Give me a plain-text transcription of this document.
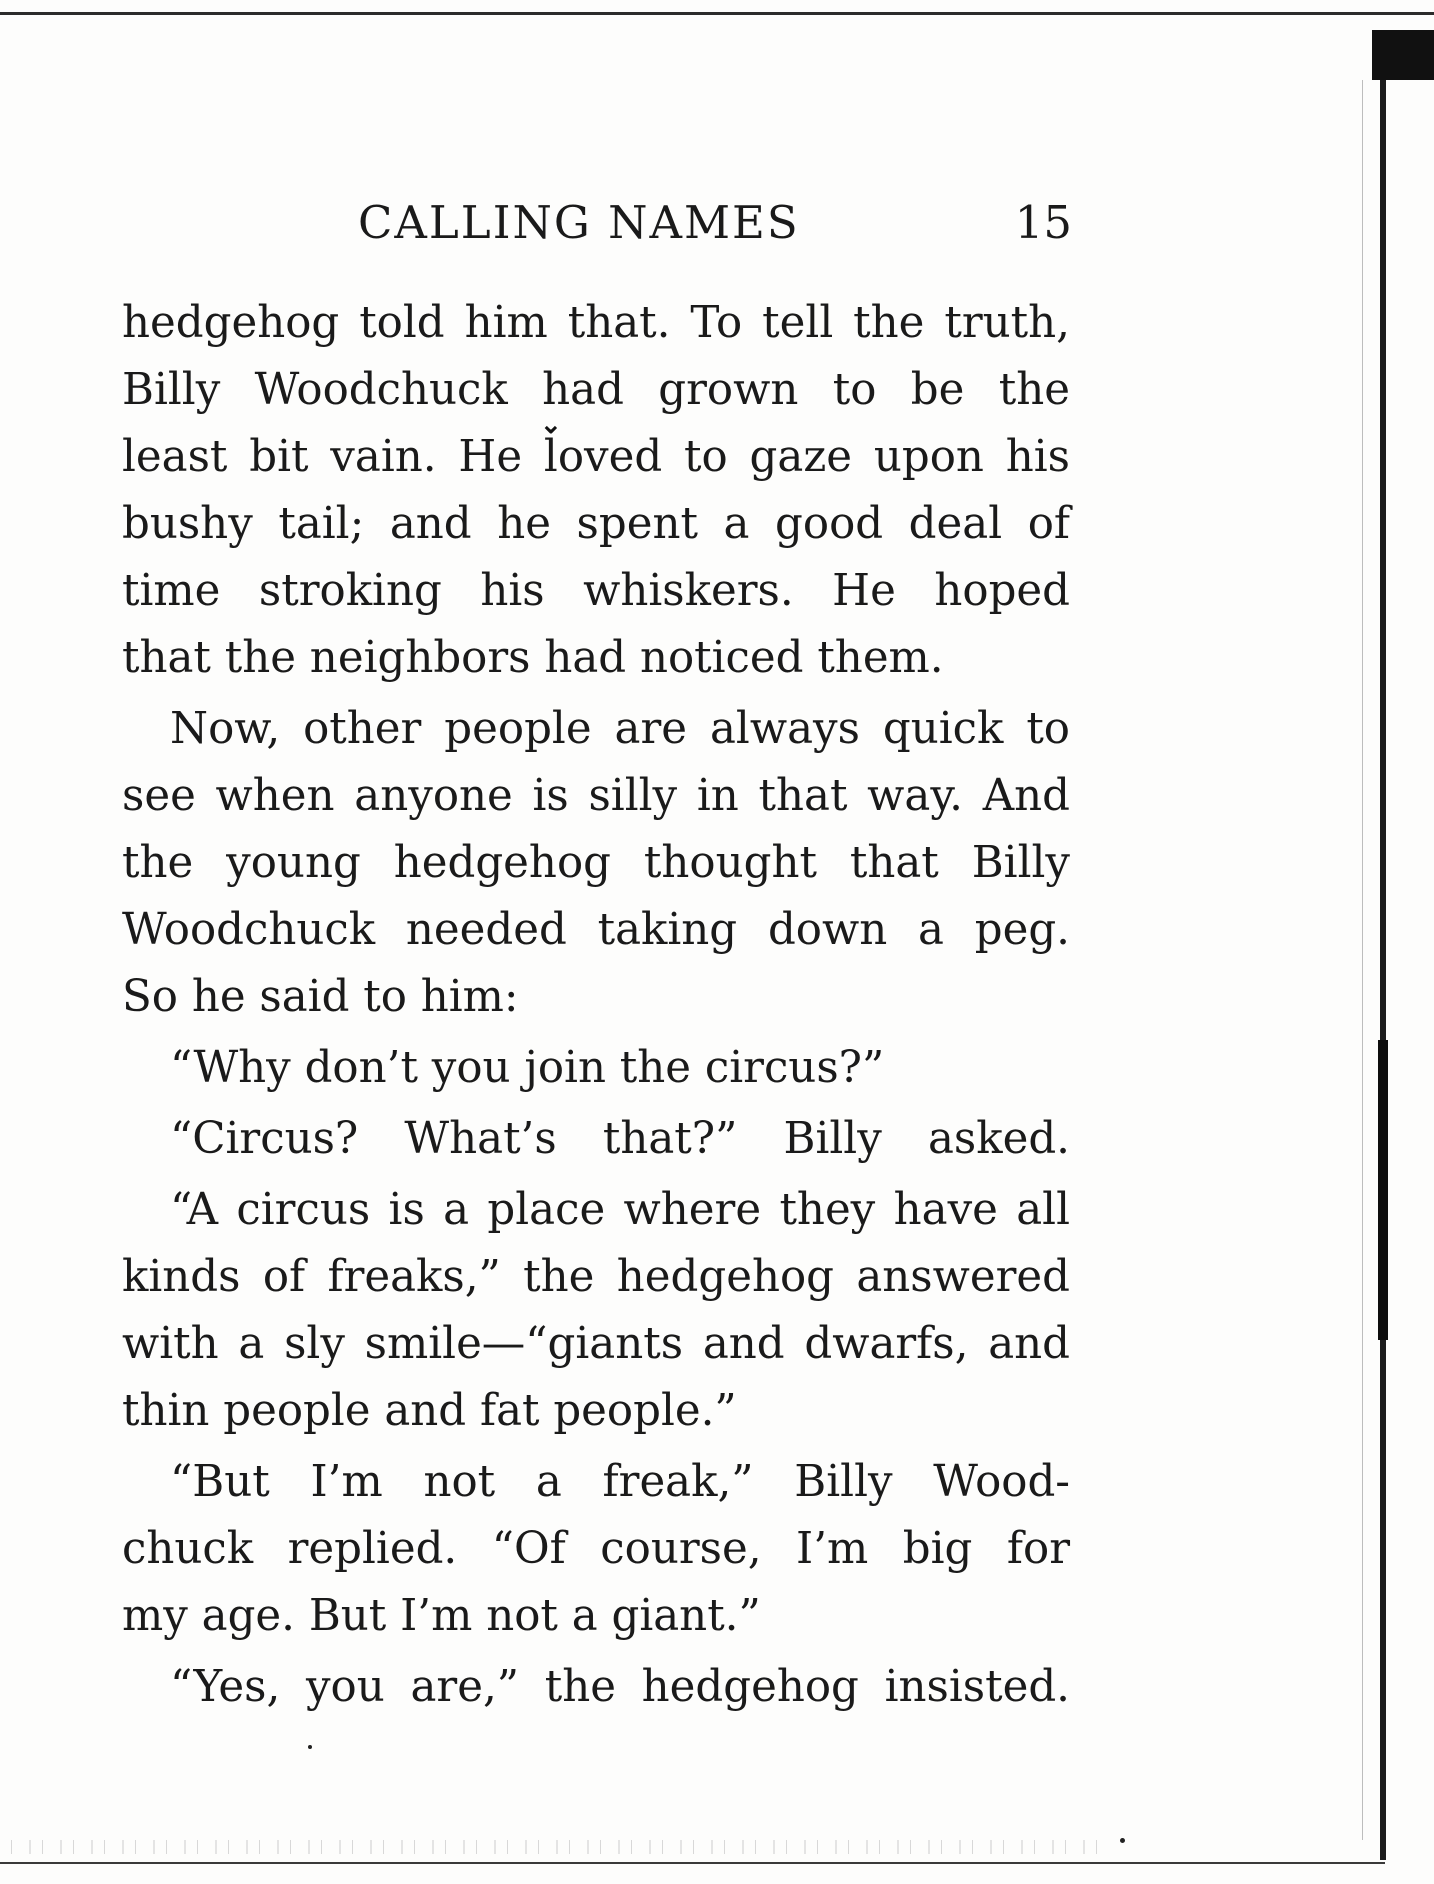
CALLING NAMES	15
⌄
hedgehog told him that. To tell the truth,
Billy Woodchuck had grown to be the
least bit vain. He loved to gaze upon his
bushy tail; and he spent a good deal of
time stroking his whiskers. He hoped
that the neighbors had noticed them.
Now, other people are always quick to
see when anyone is silly in that way. And
the young hedgehog thought that Billy
Woodchuck needed taking down a peg.
So he said to him:
“Why don’t you join the circus?”
“Circus? What’s that?” Billy asked.
“A circus is a place where they have all
kinds of freaks,” the hedgehog answered
with a sly smile—“giants and dwarfs, and
thin people and fat people.”
“But I’m not a freak,” Billy Wood-
chuck replied. “Of course, I’m big for
my age. But I’m not a giant.”
“Yes, you are,” the hedgehog insisted.
